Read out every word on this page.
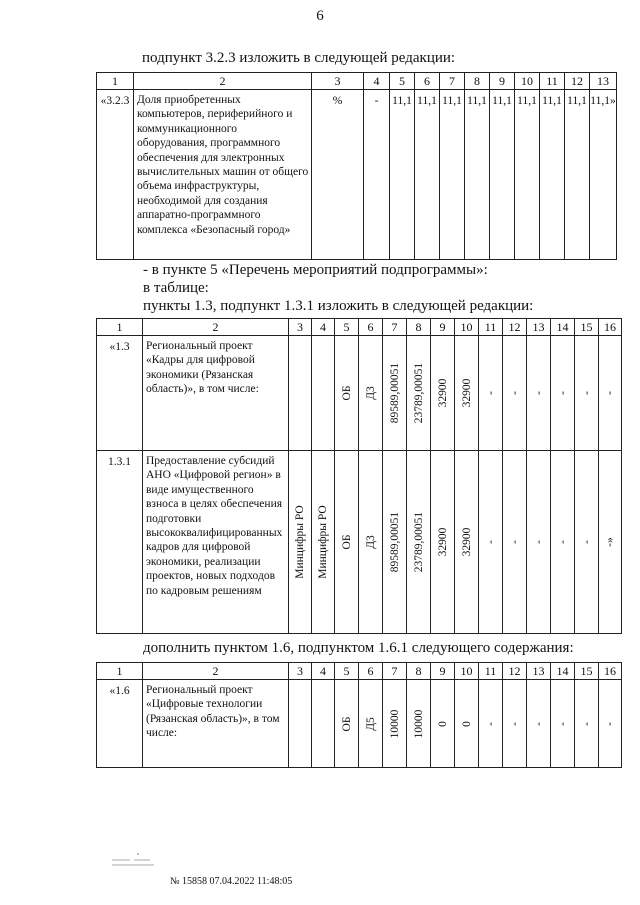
6
подпункт 3.2.3 изложить в следующей редакции:
1	2	3	4	5	6	7	8	9	10	11	12	13
«3.2.3	Доля приобретенных компьютеров, периферийного и коммуникационного оборудования, программного обеспечения для электронных вычислительных машин от общего объема инфраструктуры, необходимой для создания аппаратно-программного комплекса «Безопасный город»	%	-	11,1	11,1	11,1	11,1	11,1	11,1	11,1	11,1	11,1»
- в пункте 5 «Перечень мероприятий подпрограммы»:
в таблице:
пункты 1.3, подпункт 1.3.1 изложить в следующей редакции:
1	2	3	4	5	6	7	8	9	10	11	12	13	14	15	16
«1.3	Региональный проект «Кадры для цифровой экономики (Рязанская область)», в том числе:			ОБ	Д3	89589,00051	23789,00051	32900	32900	-	-	-	-	-	-

1.3.1	Предоставление субсидий АНО «Цифровой регион» в виде имущественного взноса в целях обеспечения подготовки высококвалифицированных кадров для цифровой экономики, реализации проектов, новых подходов по кадровым решениям	Минцифры РО	Минцифры РО	ОБ	Д3	89589,00051	23789,00051	32900	32900	-	-	-	-	-	-»
дополнить пунктом 1.6, подпунктом 1.6.1 следующего содержания:
1	2	3	4	5	6	7	8	9	10	11	12	13	14	15	16
«1.6	Региональный проект «Цифровые технологии (Рязанская область)», в том числе:			ОБ	Д5	10000	10000	0	0	-	-	-	-	-	-
№ 15858 07.04.2022 11:48:05
